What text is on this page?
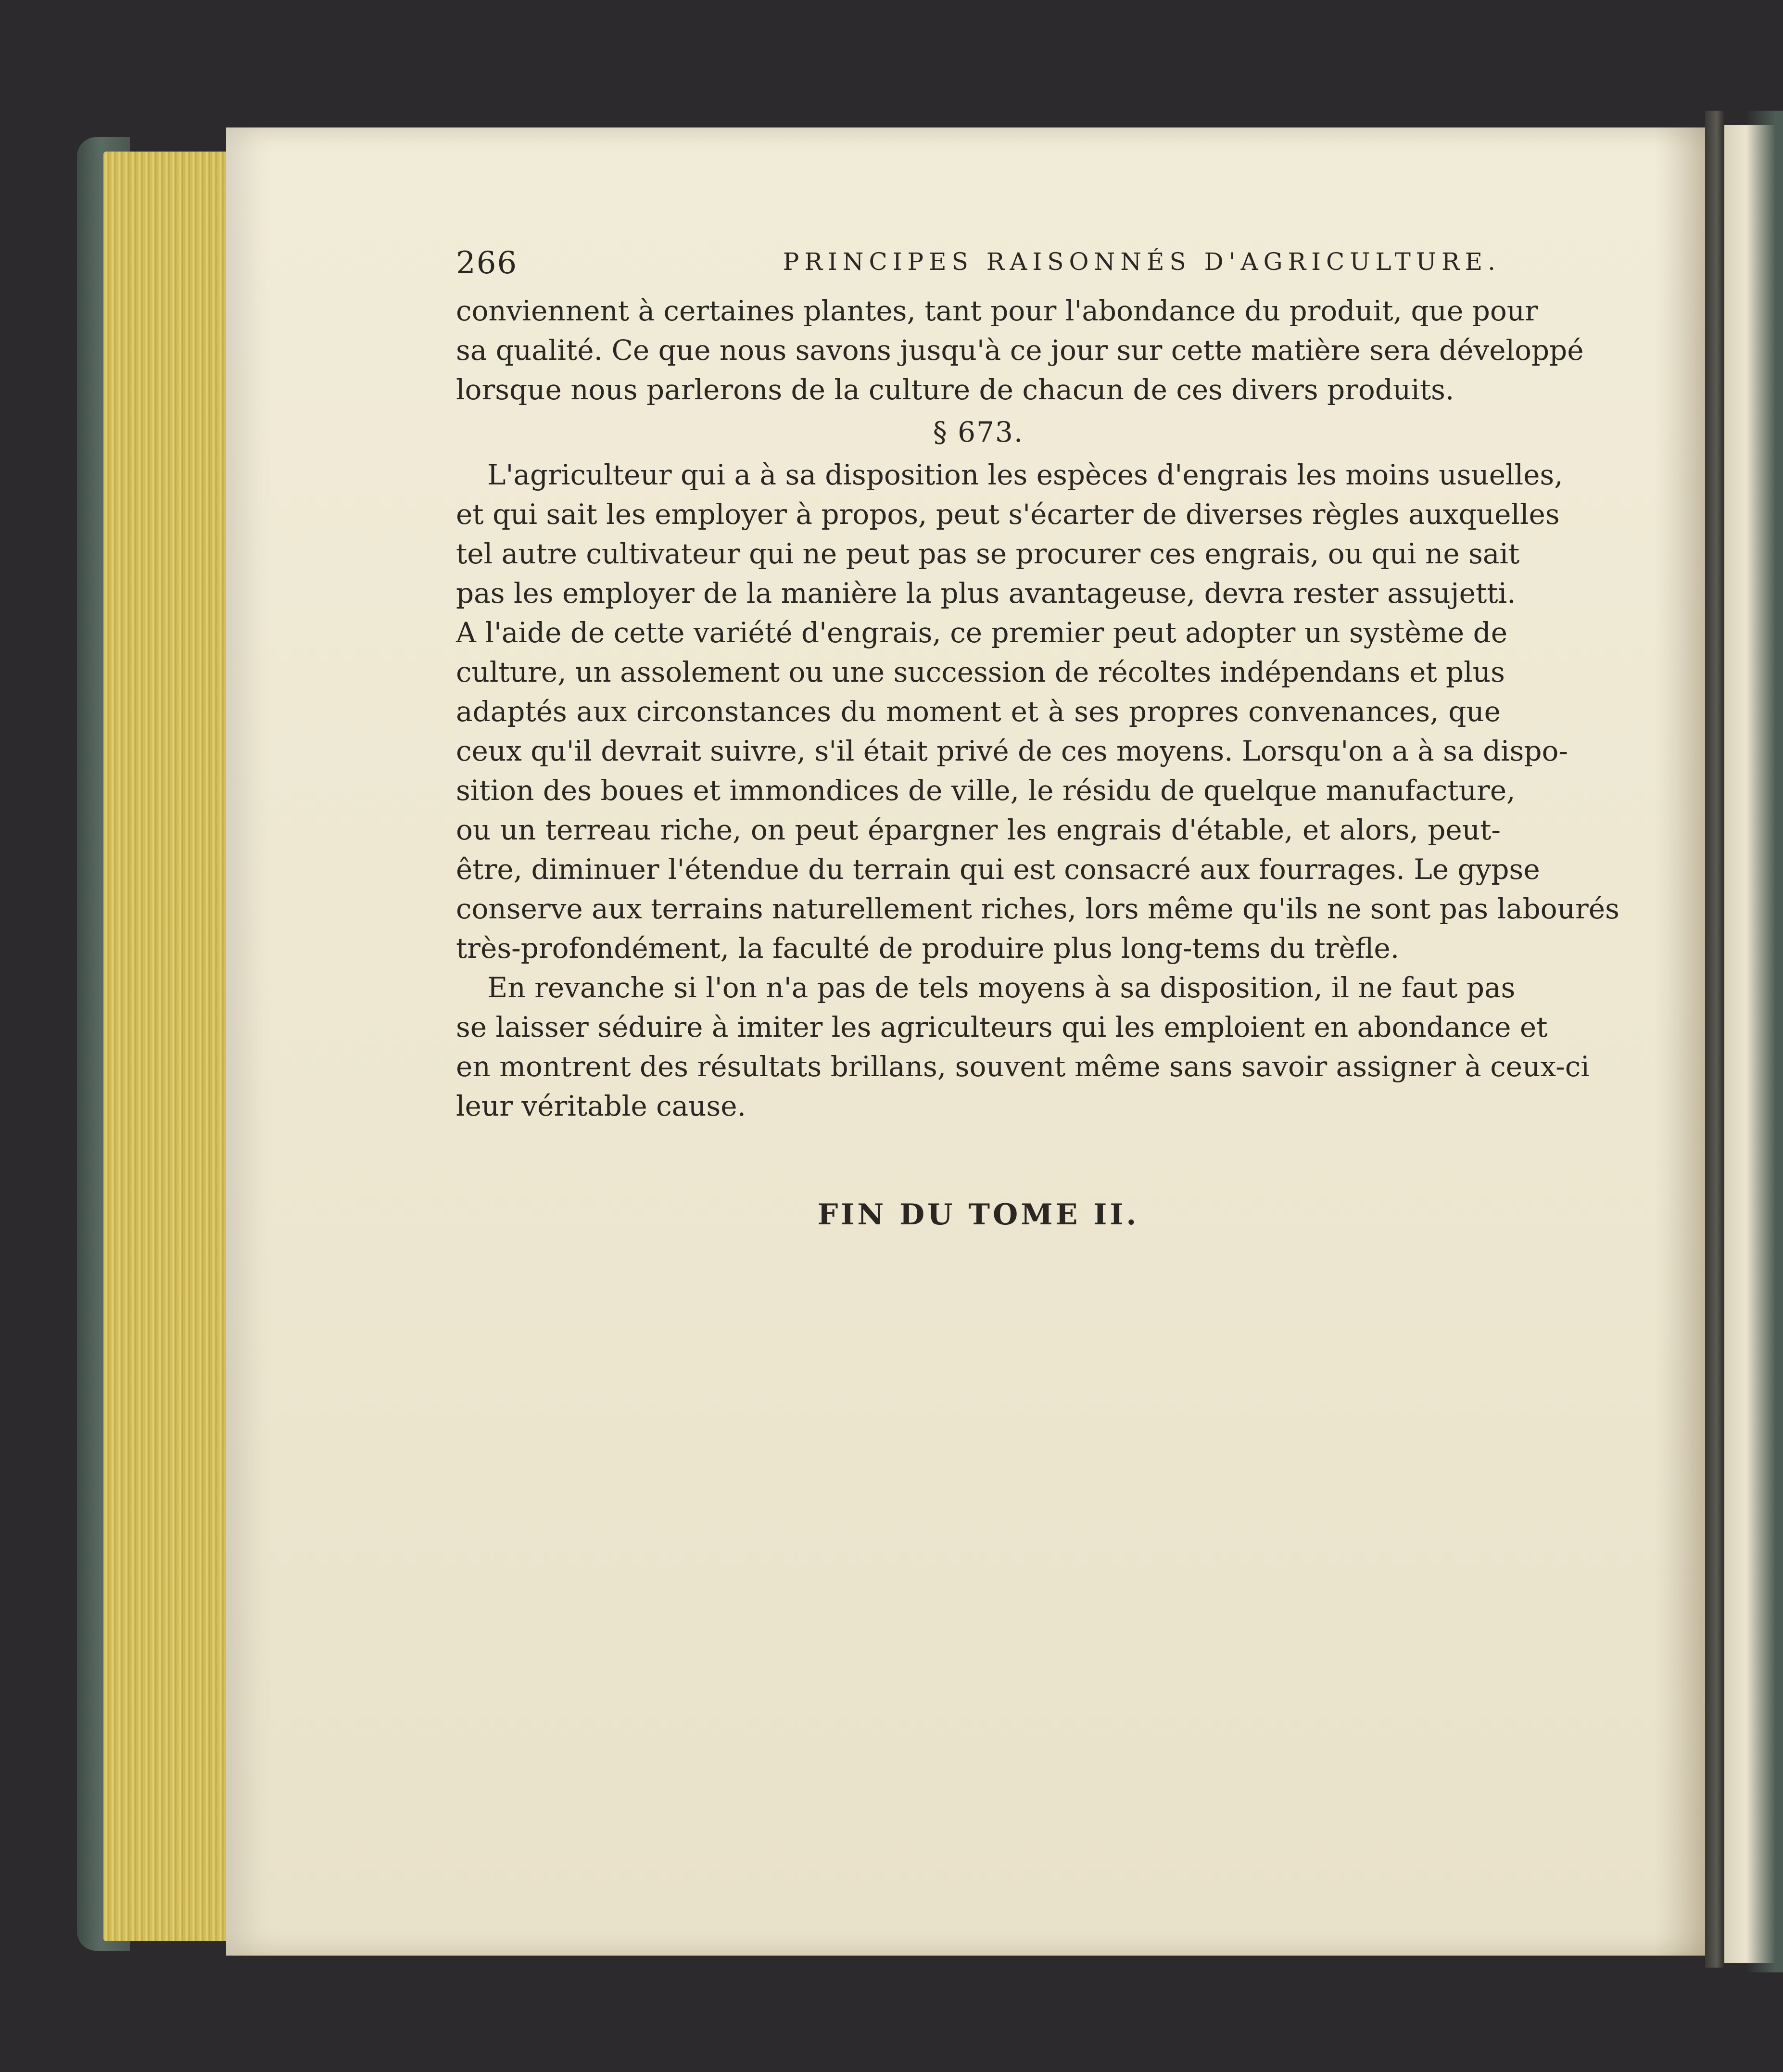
266	PRINCIPES RAISONNÉS D'AGRICULTURE.
conviennent à certaines plantes, tant pour l'abondance du produit, que pour
sa qualité. Ce que nous savons jusqu'à ce jour sur cette matière sera développé
lorsque nous parlerons de la culture de chacun de ces divers produits.
§ 673.
L'agriculteur qui a à sa disposition les espèces d'engrais les moins usuelles,
et qui sait les employer à propos, peut s'écarter de diverses règles auxquelles
tel autre cultivateur qui ne peut pas se procurer ces engrais, ou qui ne sait
pas les employer de la manière la plus avantageuse, devra rester assujetti.
A l'aide de cette variété d'engrais, ce premier peut adopter un système de
culture, un assolement ou une succession de récoltes indépendans et plus
adaptés aux circonstances du moment et à ses propres convenances, que
ceux qu'il devrait suivre, s'il était privé de ces moyens. Lorsqu'on a à sa dispo-
sition des boues et immondices de ville, le résidu de quelque manufacture,
ou un terreau riche, on peut épargner les engrais d'étable, et alors, peut-
être, diminuer l'étendue du terrain qui est consacré aux fourrages. Le gypse
conserve aux terrains naturellement riches, lors même qu'ils ne sont pas labourés
très-profondément, la faculté de produire plus long-tems du trèfle.
En revanche si l'on n'a pas de tels moyens à sa disposition, il ne faut pas
se laisser séduire à imiter les agriculteurs qui les emploient en abondance et
en montrent des résultats brillans, souvent même sans savoir assigner à ceux-ci
leur véritable cause.
FIN DU TOME II.
